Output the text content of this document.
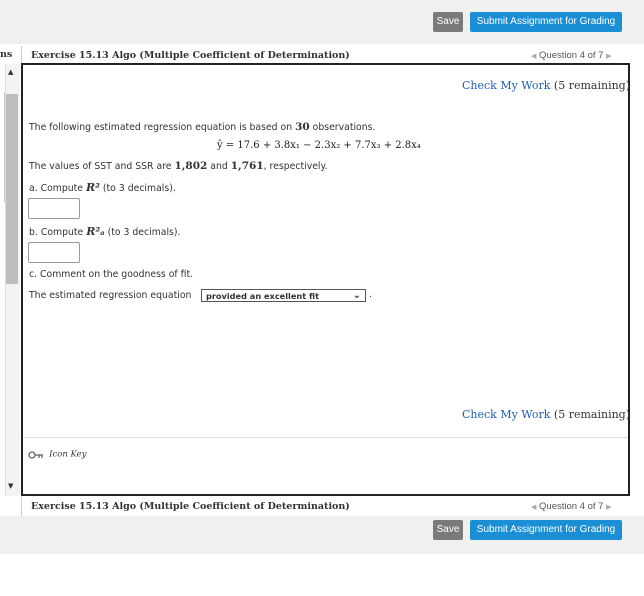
Save	Submit Assignment for Grading
ns Exercise 15.13 Algo (Multiple Coefficient of Determination)	◀ Question 4 of 7 ▶
▲
▼
Check My Work (5 remaining)
The following estimated regression equation is based on 30 observations.
ŷ = 17.6 + 3.8x₁ − 2.3x₂ + 7.7x₃ + 2.8x₄
The values of SST and SSR are 1,802 and 1,761, respectively.
a. Compute R² (to 3 decimals).
b. Compute R²ₐ (to 3 decimals).
c. Comment on the goodness of fit.
The estimated regression equation	provided an excellent fit	⌄ .
Check My Work (5 remaining)
Icon Key
Exercise 15.13 Algo (Multiple Coefficient of Determination)	◀ Question 4 of 7 ▶
Save	Submit Assignment for Grading
